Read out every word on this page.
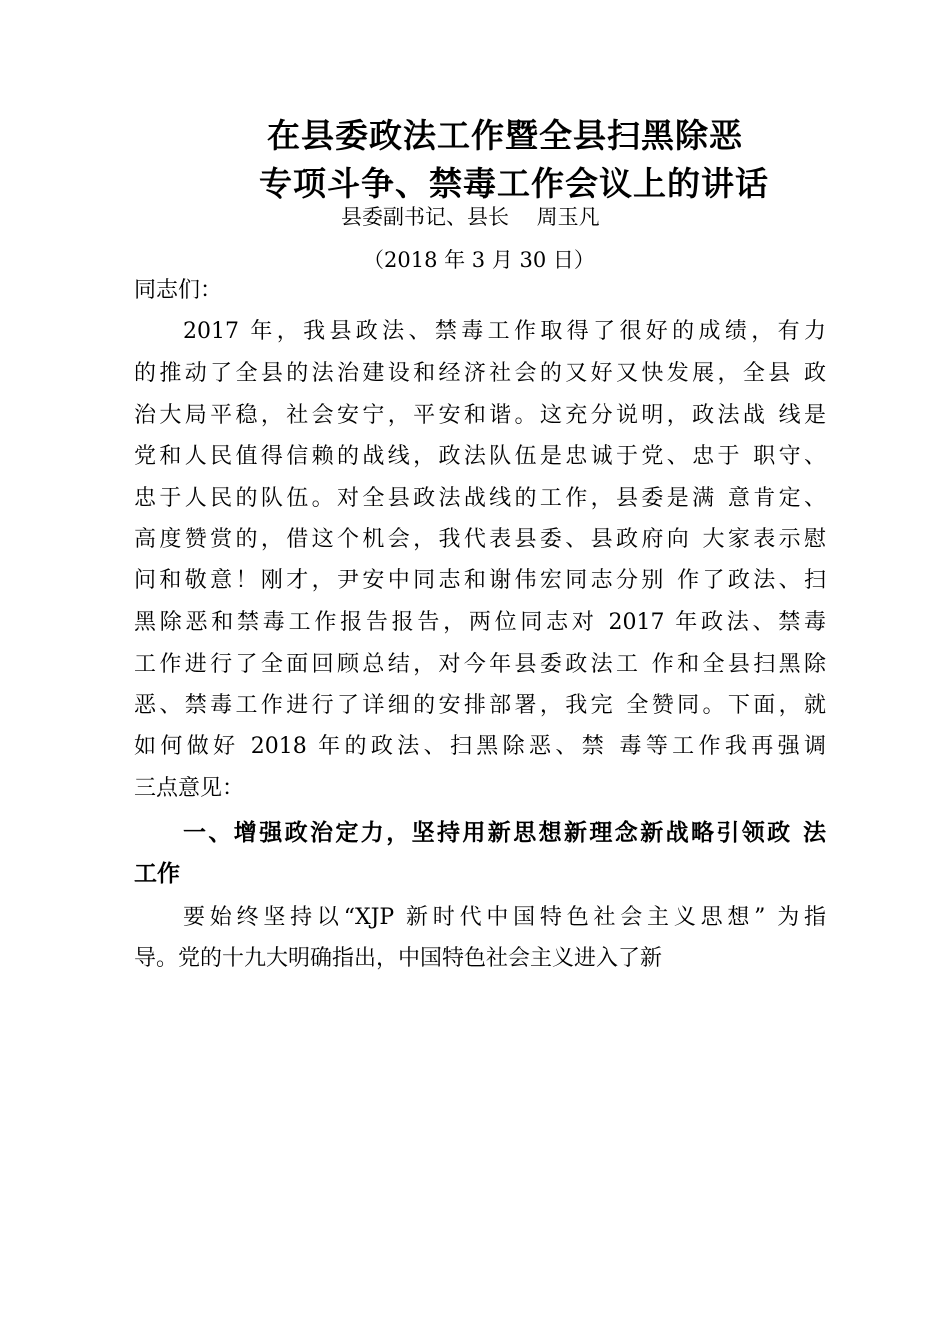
在县委政法工作暨全县扫黑除恶
专项斗争、禁毒工作会议上的讲话
县委副书记、县长　 周玉凡
（2018 年 3 月 30 日）
同志们：
2017 年，我县政法、禁毒工作取得了很好的成绩，有力
的推动了全县的法治建设和经济社会的又好又快发展，全县 政
治大局平稳，社会安宁，平安和谐。这充分说明，政法战 线是
党和人民值得信赖的战线，政法队伍是忠诚于党、忠于 职守、
忠于人民的队伍。对全县政法战线的工作，县委是满 意肯定、
高度赞赏的，借这个机会，我代表县委、县政府向 大家表示慰
问和敬意！刚才，尹安中同志和谢伟宏同志分别 作了政法、扫
黑除恶和禁毒工作报告报告，两位同志对 2017 年政法、禁毒
工作进行了全面回顾总结，对今年县委政法工 作和全县扫黑除
恶、禁毒工作进行了详细的安排部署，我完 全赞同。下面，就
如何做好 2018 年的政法、扫黑除恶、禁 毒等工作我再强调
三点意见：
一、增强政治定力，坚持用新思想新理念新战略引领政 法
工作
要始终坚持以“XJP 新时代中国特色社会主义思想” 为指
导。党的十九大明确指出，中国特色社会主义进入了新
